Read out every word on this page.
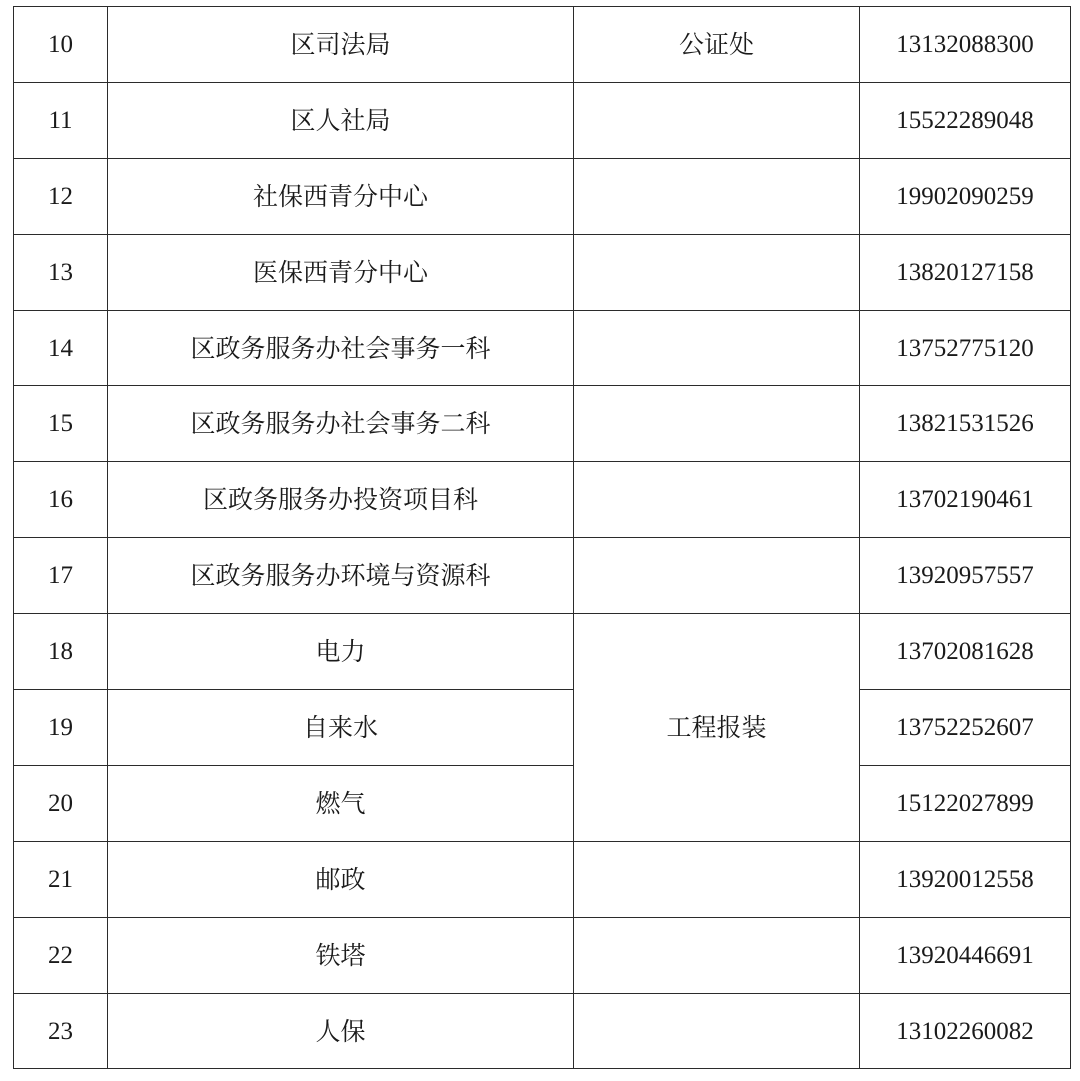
10	区司法局	公证处	13132088300
11	区人社局		15522289048
12	社保西青分中心		19902090259
13	医保西青分中心		13820127158
14	区政务服务办社会事务一科		13752775120
15	区政务服务办社会事务二科		13821531526
16	区政务服务办投资项目科		13702190461
17	区政务服务办环境与资源科		13920957557
18	电力	工程报装	13702081628
19	自来水		13752252607
20	燃气		15122027899
21	邮政		13920012558
22	铁塔		13920446691
23	人保		13102260082
